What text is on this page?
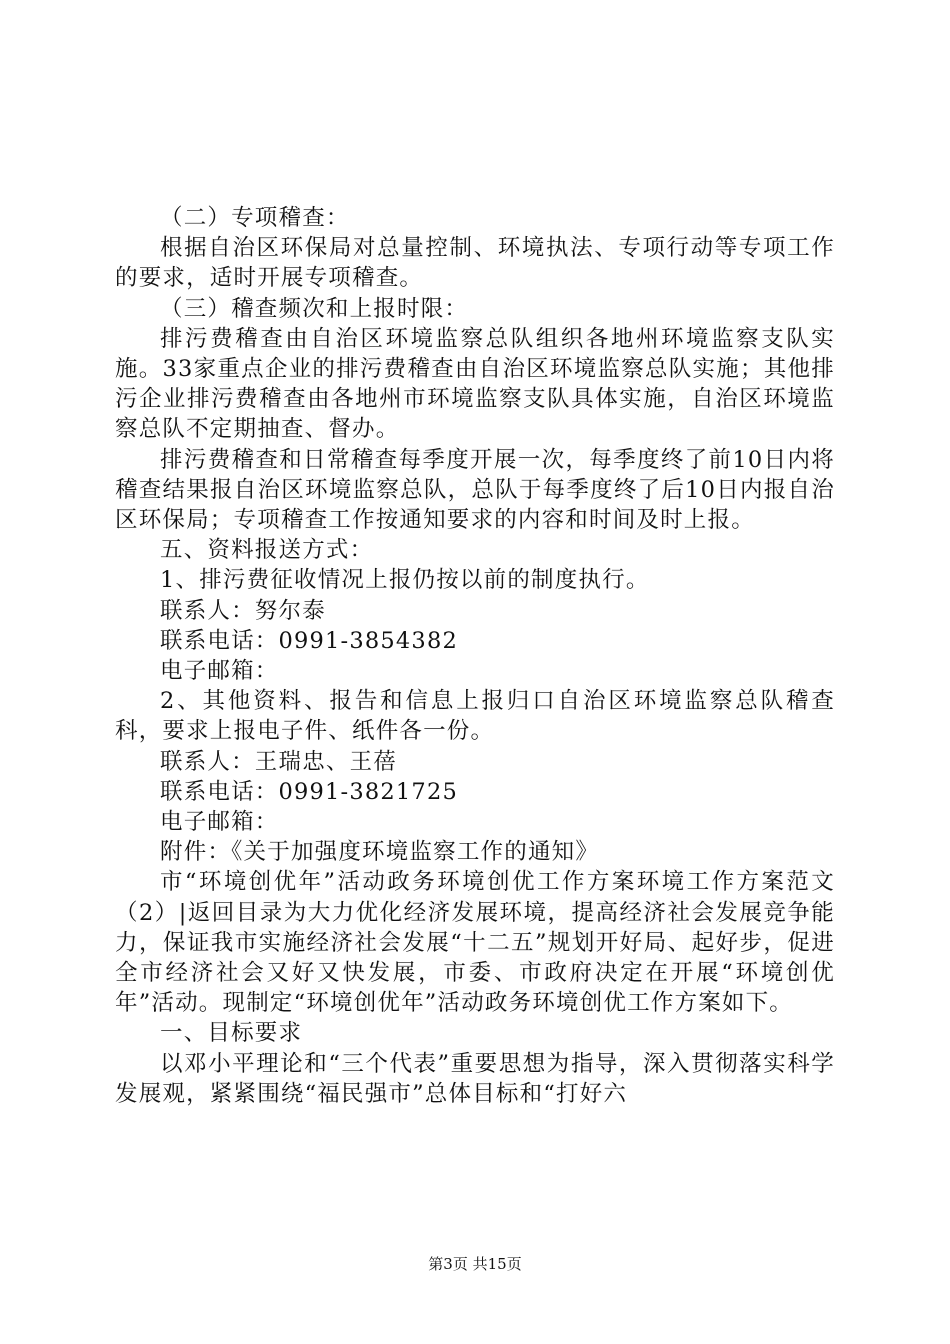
（二）专项稽查：

根据自治区环保局对总量控制、环境执法、专项行动等专项工作的要求，适时开展专项稽查。

（三）稽查频次和上报时限：

排污费稽查由自治区环境监察总队组织各地州环境监察支队实施。33家重点企业的排污费稽查由自治区环境监察总队实施；其他排污企业排污费稽查由各地州市环境监察支队具体实施，自治区环境监察总队不定期抽查、督办。

排污费稽查和日常稽查每季度开展一次，每季度终了前10日内将稽查结果报自治区环境监察总队，总队于每季度终了后10日内报自治区环保局；专项稽查工作按通知要求的内容和时间及时上报。

五、资料报送方式：

1、排污费征收情况上报仍按以前的制度执行。

联系人：努尔泰

联系电话：0991-3854382

电子邮箱：

2、其他资料、报告和信息上报归口自治区环境监察总队稽查科，要求上报电子件、纸件各一份。

联系人：王瑞忠、王蓓

联系电话：0991-3821725

电子邮箱：

附件：《关于加强度环境监察工作的通知》

市“环境创优年”活动政务环境创优工作方案环境工作方案范文（2）|返回目录为大力优化经济发展环境，提高经济社会发展竞争能力，保证我市实施经济社会发展“十二五”规划开好局、起好步，促进全市经济社会又好又快发展，市委、市政府决定在开展“环境创优年”活动。现制定“环境创优年”活动政务环境创优工作方案如下。

一、目标要求

以邓小平理论和“三个代表”重要思想为指导，深入贯彻落实科学发展观，紧紧围绕“福民强市”总体目标和“打好六

第3页 共15页
